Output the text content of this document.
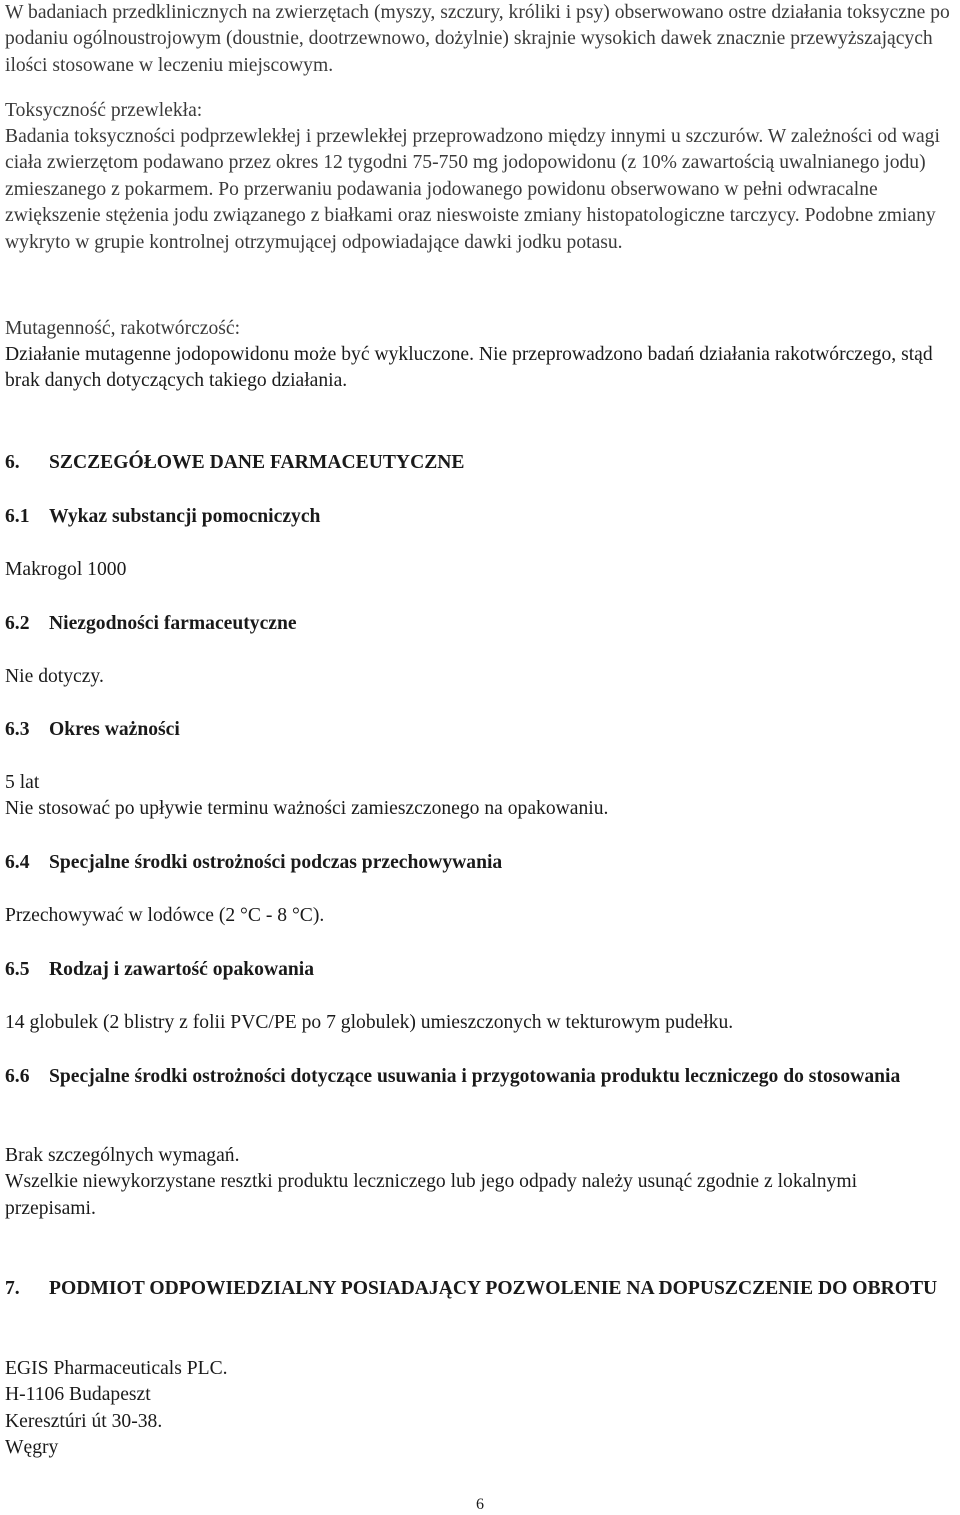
W badaniach przedklinicznych na zwierzętach (myszy, szczury, króliki i psy) obserwowano ostre działania toksyczne po podaniu ogólnoustrojowym (doustnie, dootrzewnowo, dożylnie) skrajnie wysokich dawek znacznie przewyższających ilości stosowane w leczeniu miejscowym.

Toksyczność przewlekła:

Badania toksyczności podprzewlekłej i przewlekłej przeprowadzono między innymi u szczurów. W zależności od wagi ciała zwierzętom podawano przez okres 12 tygodni 75-750 mg jodopowidonu (z 10% zawartością uwalnianego jodu) zmieszanego z pokarmem. Po przerwaniu podawania jodowanego powidonu obserwowano w pełni odwracalne zwiększenie stężenia jodu związanego z białkami oraz nieswoiste zmiany histopatologiczne tarczycy. Podobne zmiany wykryto w grupie kontrolnej otrzymującej odpowiadające dawki jodku potasu.

Mutagenność, rakotwórczość:

Działanie mutagenne jodopowidonu może być wykluczone. Nie przeprowadzono badań działania rakotwórczego, stąd brak danych dotyczących takiego działania.

6. SZCZEGÓŁOWE DANE FARMACEUTYCZNE
6.1 Wykaz substancji pomocniczych

Makrogol 1000

6.2 Niezgodności farmaceutyczne

Nie dotyczy.

6.3 Okres ważności

5 lat
Nie stosować po upływie terminu ważności zamieszczonego na opakowaniu.

6.4 Specjalne środki ostrożności podczas przechowywania

Przechowywać w lodówce (2 °C - 8 °C).

6.5 Rodzaj i zawartość opakowania

14 globulek (2 blistry z folii PVC/PE po 7 globulek) umieszczonych w tekturowym pudełku.

6.6 Specjalne środki ostrożności dotyczące usuwania i przygotowania produktu leczniczego do stosowania

Brak szczególnych wymagań.
Wszelkie niewykorzystane resztki produktu leczniczego lub jego odpady należy usunąć zgodnie z lokalnymi przepisami.

7. PODMIOT ODPOWIEDZIALNY POSIADAJĄCY POZWOLENIE NA DOPUSZCZENIE DO OBROTU

EGIS Pharmaceuticals PLC.
H-1106 Budapeszt
Keresztúri út 30-38.
Węgry

6
